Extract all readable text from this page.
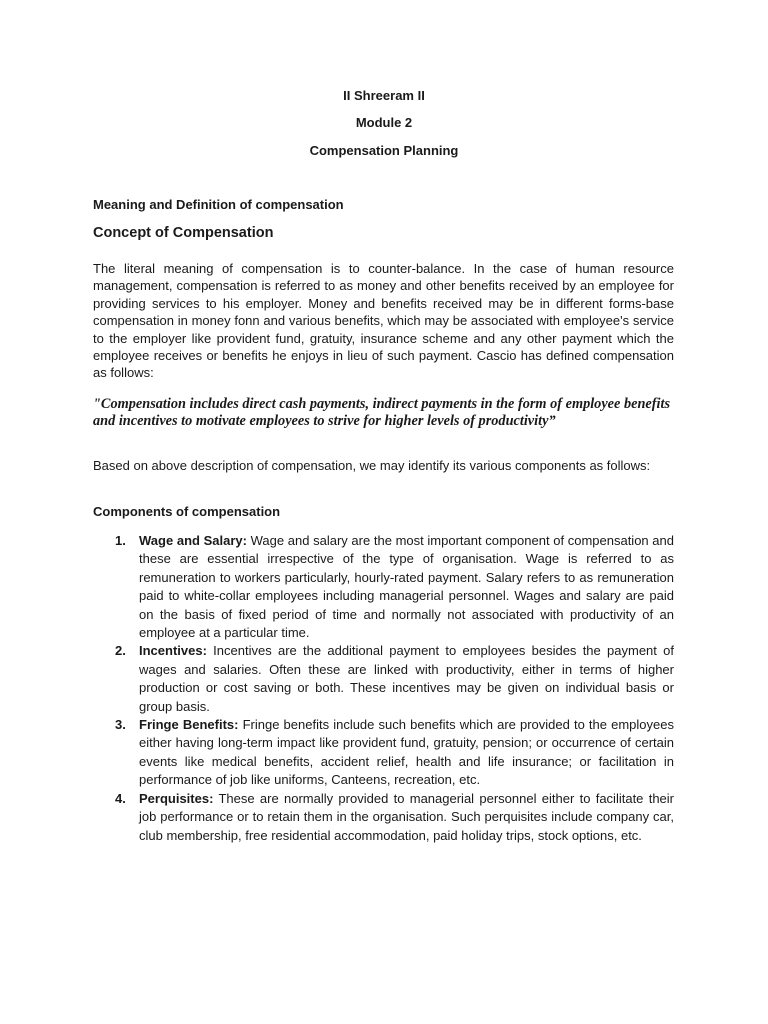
II Shreeram II
Module 2
Compensation Planning
Meaning and Definition of compensation
Concept of Compensation

The literal meaning of compensation is to counter-balance. In the case of human resource management, compensation is referred to as money and other benefits received by an employee for providing services to his employer. Money and benefits received may be in different forms-base compensation in money fonn and various benefits, which may be associated with employee's service to the employer like provident fund, gratuity, insurance scheme and any other payment which the employee receives or benefits he enjoys in lieu of such payment. Cascio has defined compensation as follows:

"Compensation includes direct cash payments, indirect payments in the form of employee benefits and incentives to motivate employees to strive for higher levels of productivity”

Based on above description of compensation, we may identify its various components as follows:

Components of compensation
1. Wage and Salary: Wage and salary are the most important component of compensation and these are essential irrespective of the type of organisation. Wage is referred to as remuneration to workers particularly, hourly-rated payment. Salary refers to as remuneration paid to white-collar employees including managerial personnel. Wages and salary are paid on the basis of fixed period of time and normally not associated with productivity of an employee at a particular time.
2. Incentives: Incentives are the additional payment to employees besides the payment of wages and salaries. Often these are linked with productivity, either in terms of higher production or cost saving or both. These incentives may be given on individual basis or group basis.
3. Fringe Benefits: Fringe benefits include such benefits which are provided to the employees either having long-term impact like provident fund, gratuity, pension; or occurrence of certain events like medical benefits, accident relief, health and life insurance; or facilitation in performance of job like uniforms, Canteens, recreation, etc.
4. Perquisites: These are normally provided to managerial personnel either to facilitate their job performance or to retain them in the organisation. Such perquisites include company car, club membership, free residential accommodation, paid holiday trips, stock options, etc.
